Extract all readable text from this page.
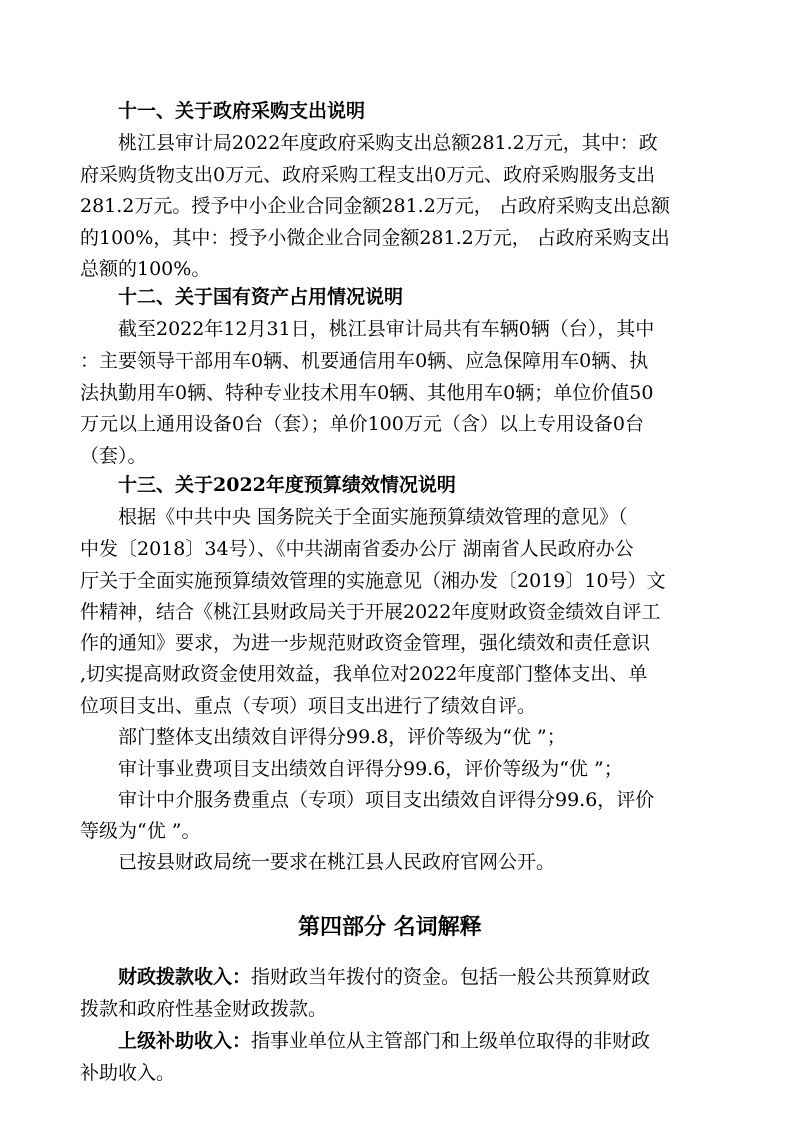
十一、关于政府采购支出说明
桃江县审计局2022年度政府采购支出总额281.2万元，其中：政
府采购货物支出0万元、政府采购工程支出0万元、政府采购服务支出
281.2万元。授予中小企业合同金额281.2万元， 占政府采购支出总额
的100%，其中：授予小微企业合同金额281.2万元， 占政府采购支出
总额的100%。
十二、关于国有资产占用情况说明
截至2022年12月31日，桃江县审计局共有车辆0辆（台），其中
：主要领导干部用车0辆、机要通信用车0辆、应急保障用车0辆、执
法执勤用车0辆、特种专业技术用车0辆、其他用车0辆；单位价值50
万元以上通用设备0台（套）；单价100万元（含）以上专用设备0台
（套）。
十三、关于2022年度预算绩效情况说明
根据《中共中央 国务院关于全面实施预算绩效管理的意见》（
中发〔2018〕34号）、《中共湖南省委办公厅 湖南省人民政府办公
厅关于全面实施预算绩效管理的实施意见（湘办发〔2019〕10号）文
件精神，结合《桃江县财政局关于开展2022年度财政资金绩效自评工
作的通知》要求，为进一步规范财政资金管理，强化绩效和责任意识
,切实提高财政资金使用效益，我单位对2022年度部门整体支出、单
位项目支出、重点（专项）项目支出进行了绩效自评。
部门整体支出绩效自评得分99.8，评价等级为“优 ”；
审计事业费项目支出绩效自评得分99.6，评价等级为“优 ”；
审计中介服务费重点（专项）项目支出绩效自评得分99.6，评价
等级为“优 ”。
已按县财政局统一要求在桃江县人民政府官网公开。
第四部分 名词解释
财政拨款收入：指财政当年拨付的资金。包括一般公共预算财政
拨款和政府性基金财政拨款。
上级补助收入：指事业单位从主管部门和上级单位取得的非财政
补助收入。
